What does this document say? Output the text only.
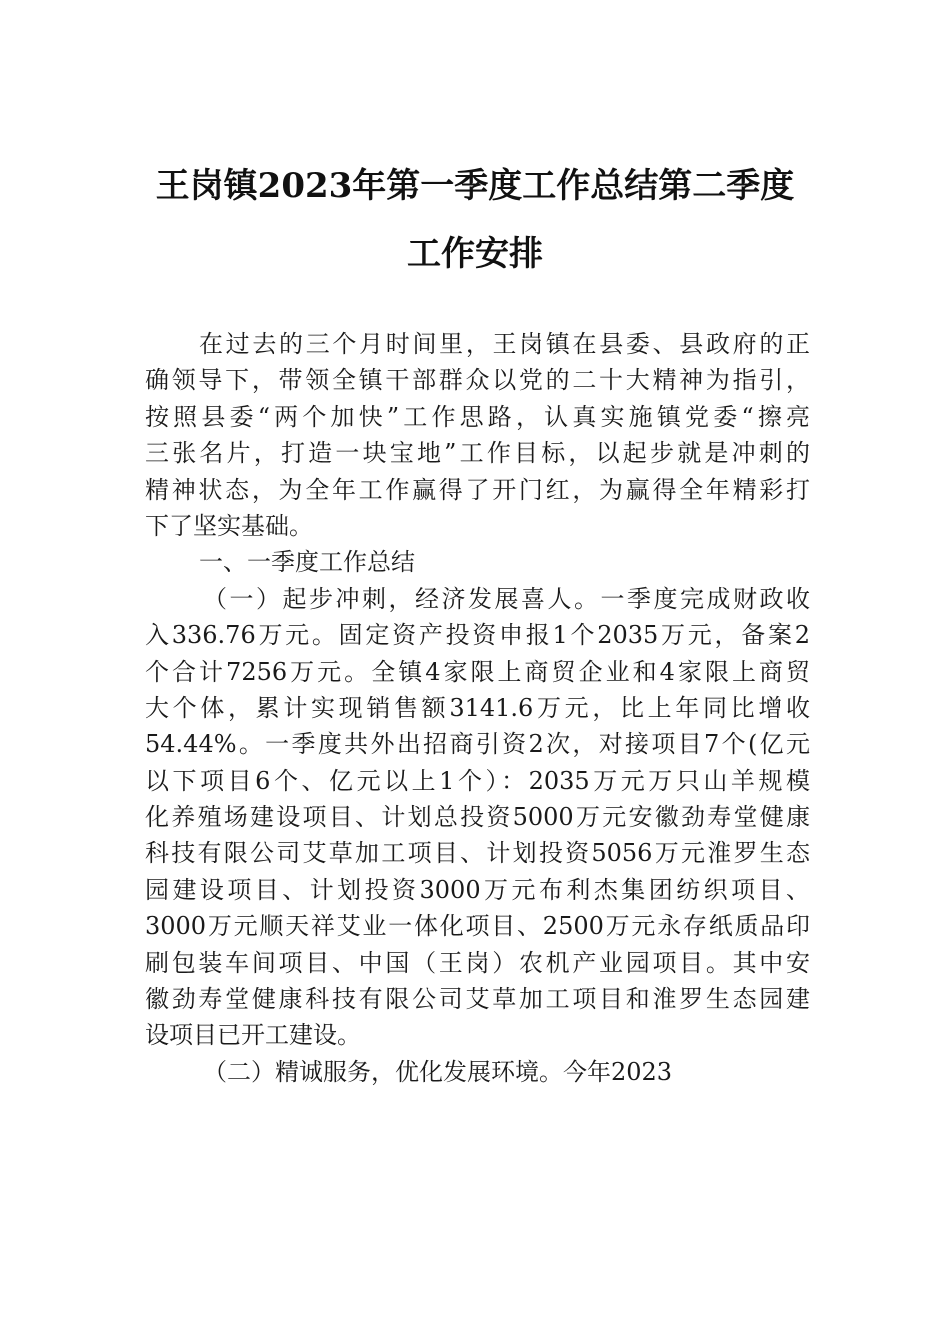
王岗镇2023年第一季度工作总结第二季度
工作安排
在过去的三个月时间里，王岗镇在县委、县政府的正
确领导下，带领全镇干部群众以党的二十大精神为指引，
按照县委“两个加快”工作思路，认真实施镇党委“擦亮
三张名片，打造一块宝地”工作目标，以起步就是冲刺的
精神状态，为全年工作赢得了开门红，为赢得全年精彩打
下了坚实基础。
一、一季度工作总结
（一）起步冲刺，经济发展喜人。一季度完成财政收
入336.76万元。固定资产投资申报1个2035万元，备案2
个合计7256万元。全镇4家限上商贸企业和4家限上商贸
大个体，累计实现销售额3141.6万元，比上年同比增收
54.44%。一季度共外出招商引资2次，对接项目7个(亿元
以下项目6个、亿元以上1个）：2035万元万只山羊规模
化养殖场建设项目、计划总投资5000万元安徽劲寿堂健康
科技有限公司艾草加工项目、计划投资5056万元淮罗生态
园建设项目、计划投资3000万元布利杰集团纺织项目、
3000万元顺天祥艾业一体化项目、2500万元永存纸质品印
刷包装车间项目、中国（王岗）农机产业园项目。其中安
徽劲寿堂健康科技有限公司艾草加工项目和淮罗生态园建
设项目已开工建设。
（二）精诚服务，优化发展环境。今年2023
